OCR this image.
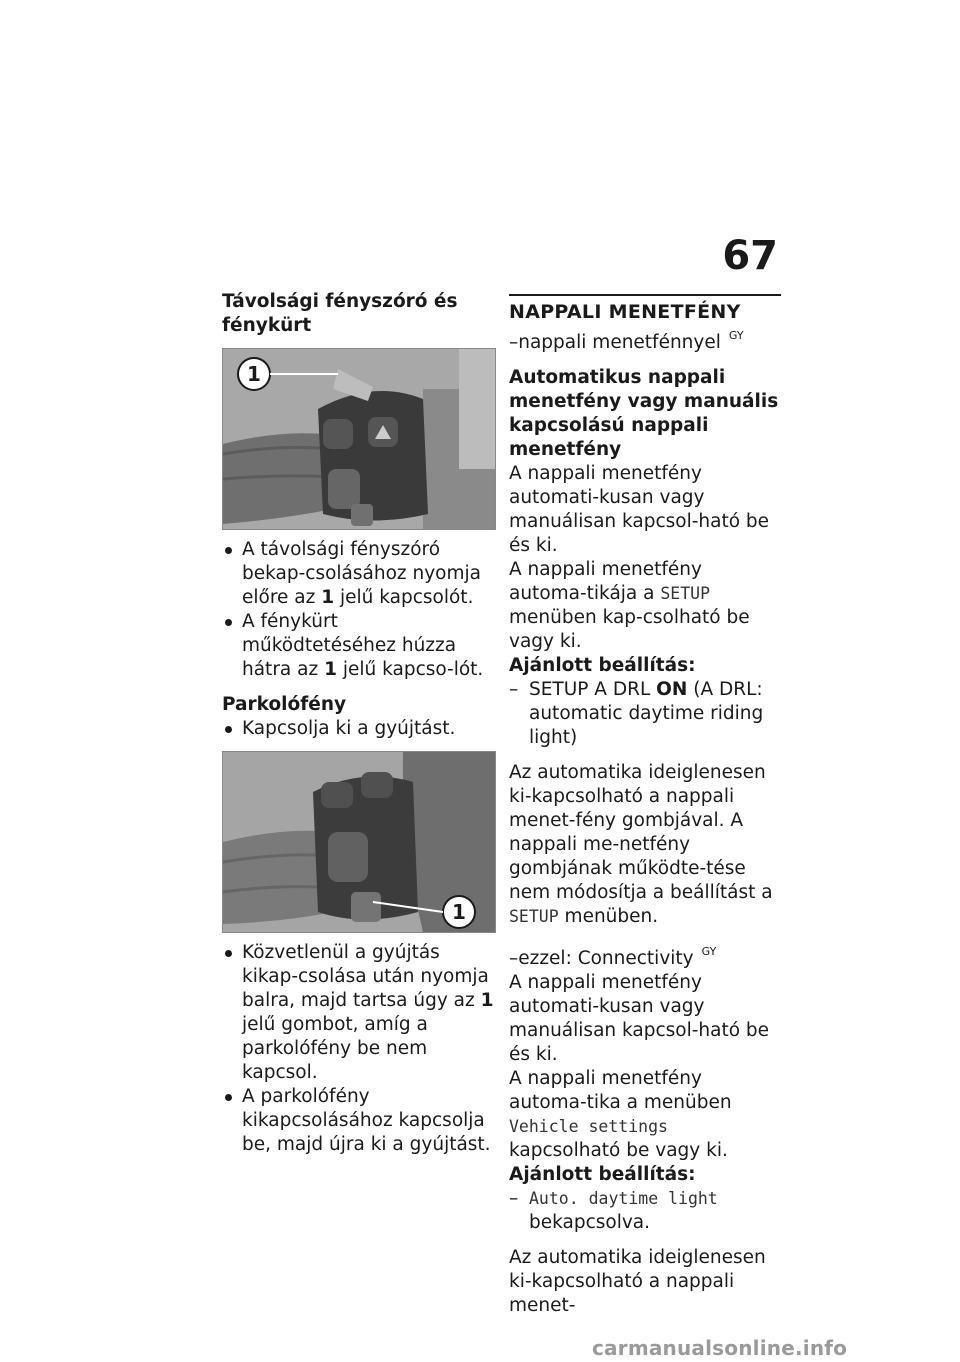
67
Távolsági fényszóró és
fénykürt
1
A távolsági fényszóró bekap-csolásához nyomja előre az 1 jelű kapcsolót.
A fénykürt működtetéséhez húzza hátra az 1 jelű kapcso-lót.
Parkolófény
Kapcsolja ki a gyújtást.
1
Közvetlenül a gyújtás kikap-csolása után nyomja balra, majd tartsa úgy az 1 jelű gombot, amíg a parkolófény be nem kapcsol.
A parkolófény kikapcsolásához kapcsolja be, majd újra ki a gyújtást.
NAPPALI MENETFÉNY

–nappali menetfénnyel $^{GY}$

Automatikus nappali
menetfény vagy manuális
kapcsolású nappali menetfény

A nappali menetfény automati-kusan vagy manuálisan kapcsol-ható be és ki.

A nappali menetfény automa-tikája a SETUP menüben kap-csolható be vagy ki.

Ajánlott beállítás:
– SETUP A DRL ON (A DRL: automatic daytime riding light)

Az automatika ideiglenesen ki-kapcsolható a nappali menet-fény gombjával. A nappali me-netfény gombjának működte-tése nem módosítja a beállítást a SETUP menüben.

–ezzel: Connectivity $^{GY}$

A nappali menetfény automati-kusan vagy manuálisan kapcsol-ható be és ki.

A nappali menetfény automa-tika a menüben Vehicle settings kapcsolható be vagy ki.

Ajánlott beállítás:
– Auto. daytime light bekapcsolva.

Az automatika ideiglenesen ki-kapcsolható a nappali menet-

carmanualsonline.info
